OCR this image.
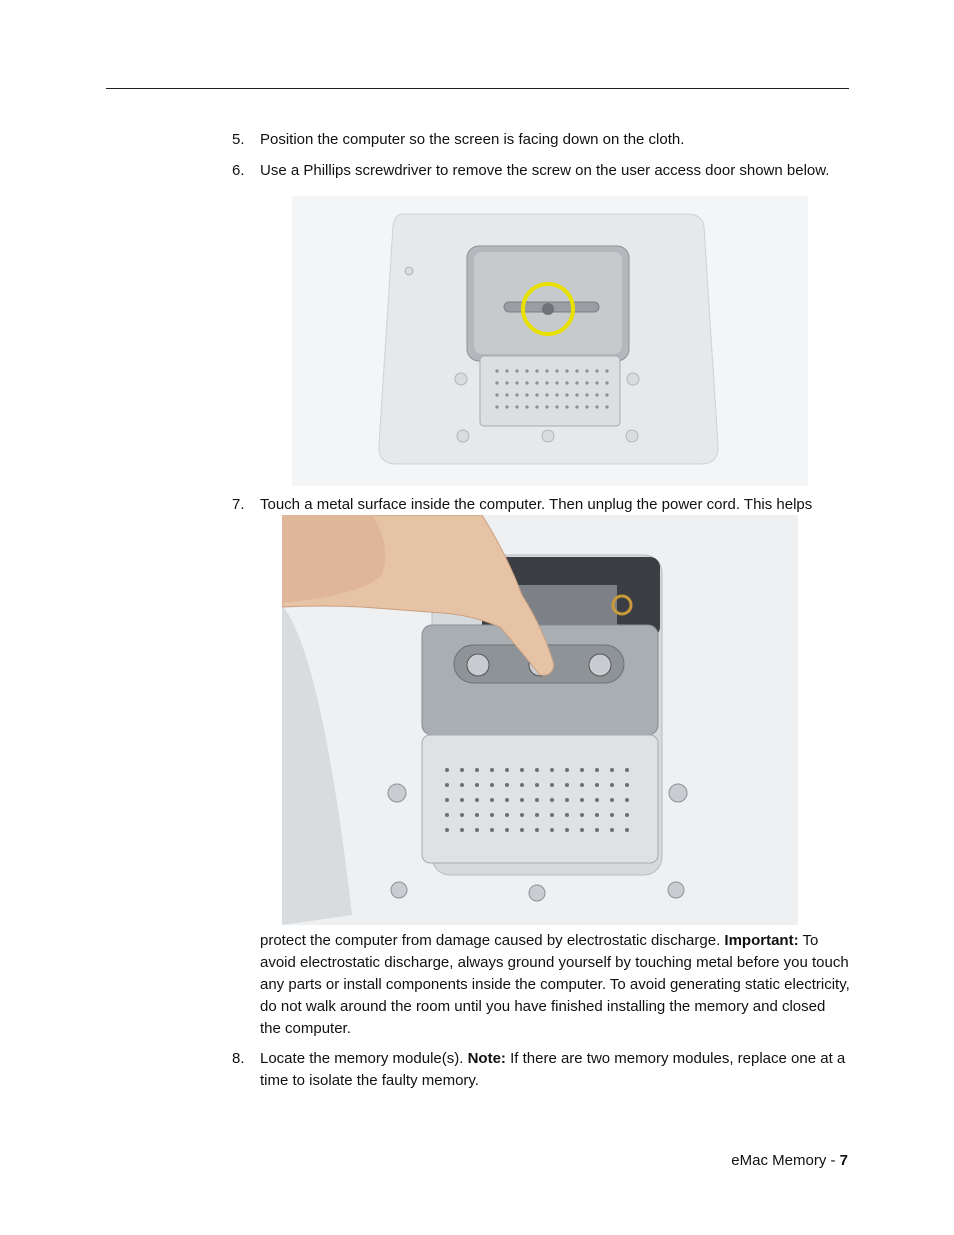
5. Position the computer so the screen is facing down on the cloth.
6. Use a Phillips screwdriver to remove the screw on the user access door shown below.
7. Touch a metal surface inside the computer. Then unplug the power cord. This helps
protect the computer from damage caused by electrostatic discharge. Important: To avoid electrostatic discharge, always ground yourself by touching metal before you touch any parts or install components inside the computer. To avoid generating static electricity, do not walk around the room until you have finished installing the memory and closed the computer.
8. Locate the memory module(s). Note: If there are two memory modules, replace one at a time to isolate the faulty memory.
eMac Memory - 7
